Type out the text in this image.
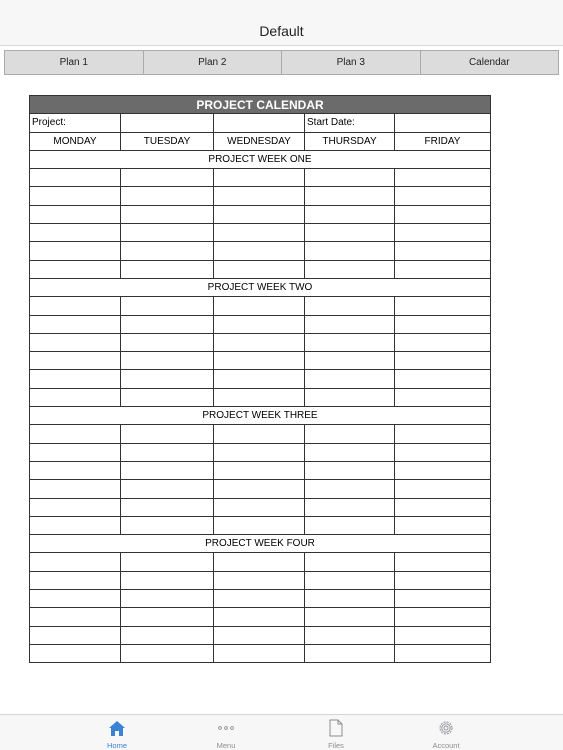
Default
Plan 1	Plan 2	Plan 3	Calendar
PROJECT CALENDAR				
Project:			Start Date:	
MONDAY	TUESDAY	WEDNESDAY	THURSDAY	FRIDAY
PROJECT WEEK ONE				

PROJECT WEEK TWO				

PROJECT WEEK THREE				

PROJECT WEEK FOUR				

Home	Menu	Files	Account
